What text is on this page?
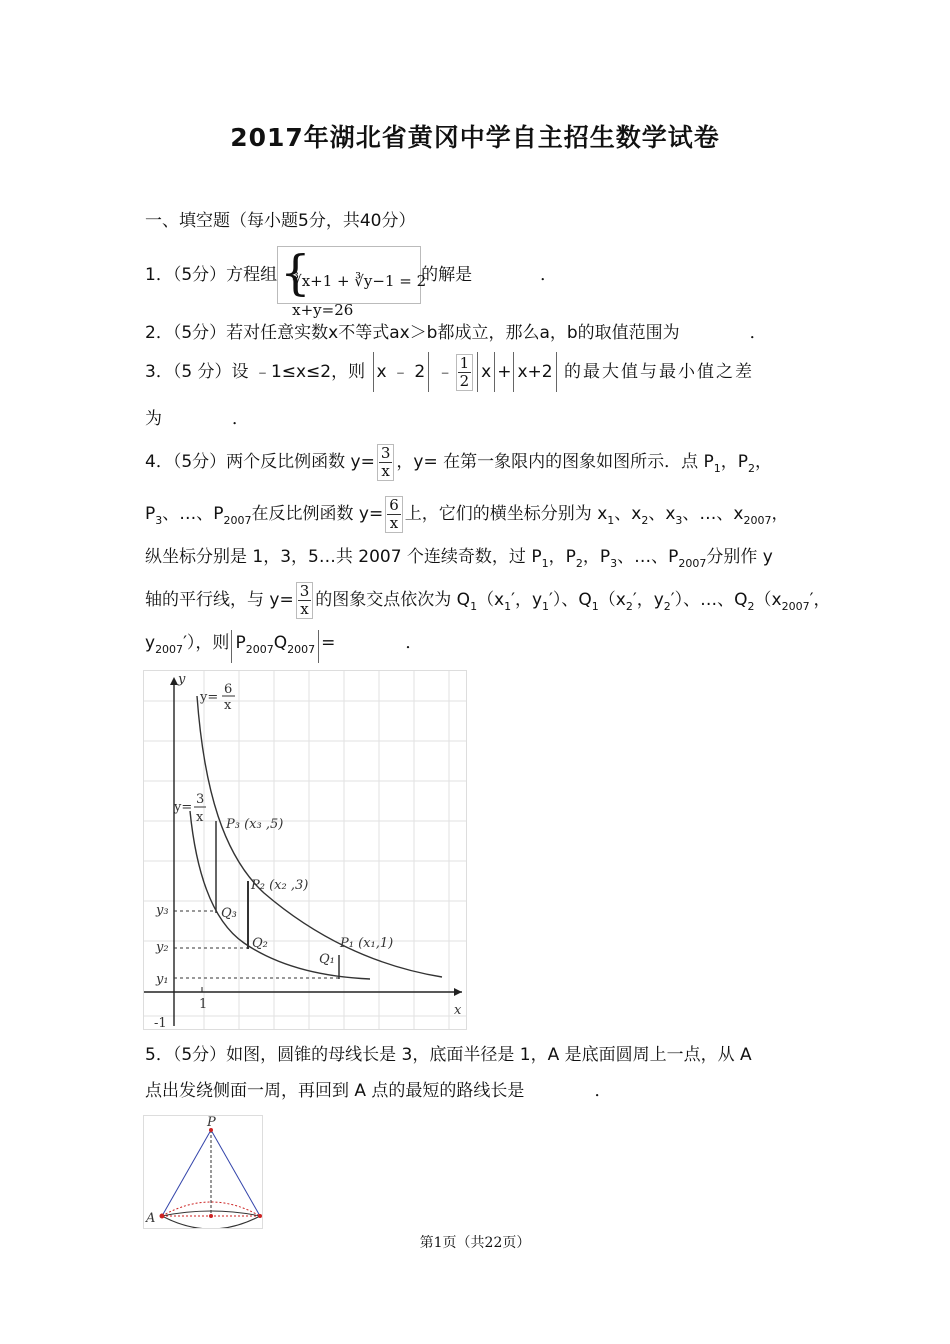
2017年湖北省黄冈中学自主招生数学试卷
一、填空题（每小题5分，共40分）
1．（5分）方程组 {
∛x+1 + ∛y−1 = 2
x+y=26
的解是	．
2．（5分）若对任意实数x不等式ax＞b都成立，那么a，b的取值范围为	．
3．（5 分）设 ﹣1≤x≤2，则 x ﹣ 2 ﹣ $\frac{1}{2}$ x + x+2 的最大值与最小值之差
为	．
4．（5分）两个反比例函数 $y= \frac{3}{x}$ ，y= 在第一象限内的图象如图所示．点 $P_1$，$P_2$，
$P_3$、…、$P_{2007}$在反比例函数 $y= \frac{6}{x}$ 上，它们的横坐标分别为 $x_1$、$x_2$、$x_3$、…、$x_{2007}$，
纵坐标分别是 1，3，5…共 2007 个连续奇数，过 $P_1$，$P_2$，$P_3$、…、$P_{2007}$分别作 y
轴的平行线，与 $y= \frac{3}{x}$ 的图象交点依次为 $Q_1(x_1'$，$y_1'$）、$Q_1(x_2'$，$y_2'$）、…、$Q_2(x_{2007}'$，
$y_{2007}'$），则 $P_{2007}Q_{2007}$ =	．
y
x
y=
6
x
y=
3
x P₃ (x₃ ,5)
P₂ (x₂ ,3)
P₁ (x₁,1)
Q₃
Q₂
Q₁
y₃
y₂
y₁
1
-1
5．（5分）如图，圆锥的母线长是 3，底面半径是 1，A 是底面圆周上一点，从 A
点出发绕侧面一周，再回到 A 点的最短的路线长是	．
P
A
第1页（共22页）
